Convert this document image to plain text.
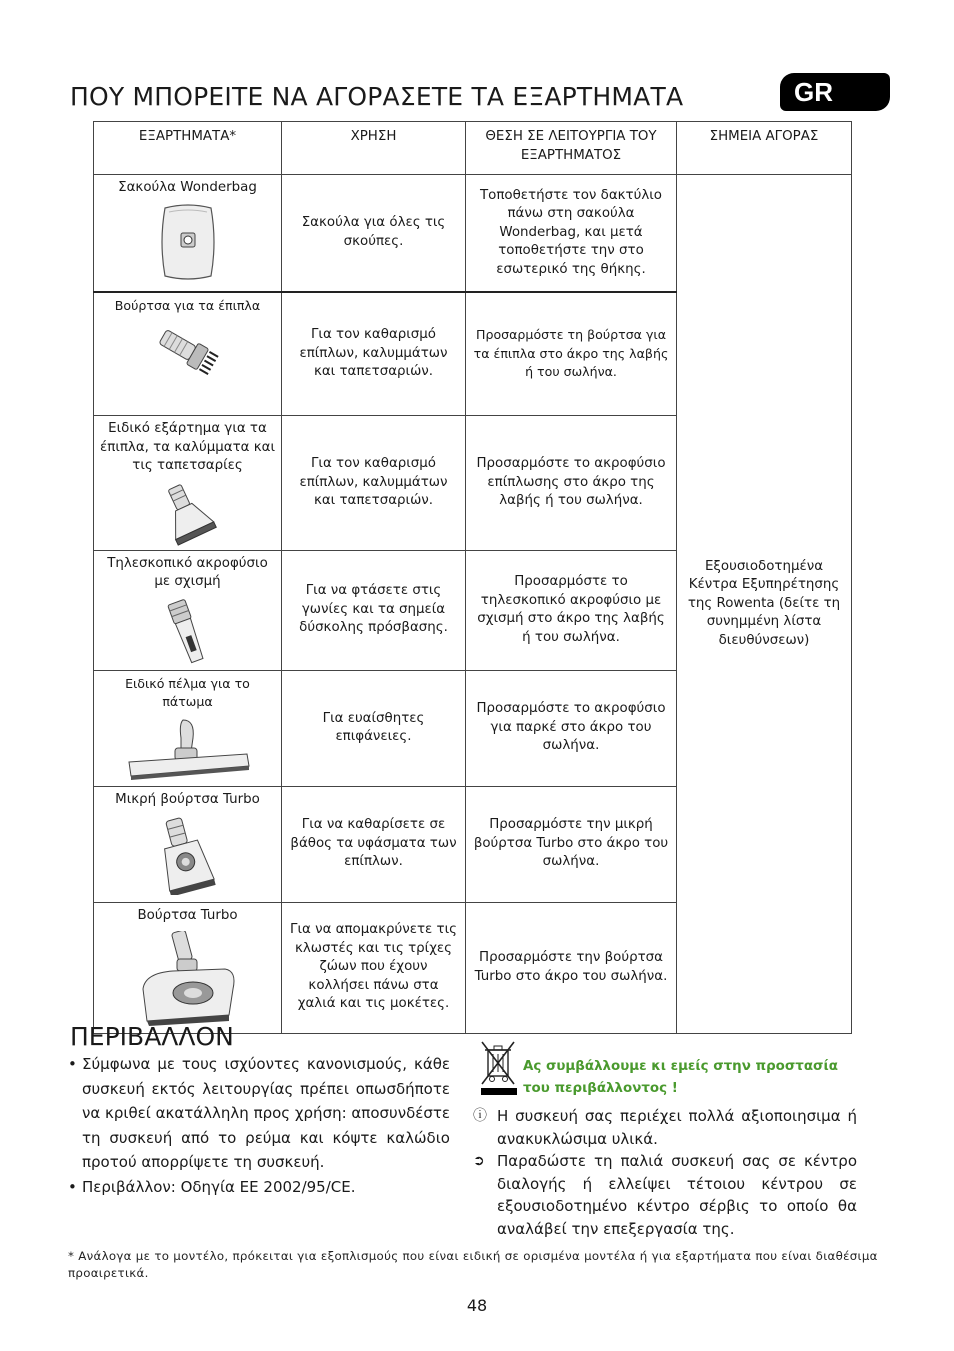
ΠΟΥ ΜΠΟΡΕΙΤΕ ΝΑ ΑΓΟΡΑΣΕΤΕ ΤΑ ΕΞΑΡΤΗΜΑΤΑ	GR
ΕΞΑΡΤΗΜΑΤΑ*	ΧΡΗΣΗ	ΘΕΣΗ ΣΕ ΛΕΙΤΟΥΡΓΙΑ ΤΟΥ ΕΞΑΡΤΗΜΑΤΟΣ	ΣΗΜΕΙΑ ΑΓΟΡΑΣ

Σακούλα Wonderbag	Σακούλα για όλες τις σκούπες.	Τοποθετήστε τον δακτύλιο πάνω στη σακούλα Wonderbag, και μετά τοποθετήστε την στο εσωτερικό της θήκης.	Εξουσιοδοτημένα Κέντρα Εξυπηρέτησης της Rowenta (δείτε τη συνημμένη λίστα διευθύνσεων)

Βούρτσα για τα έπιπλα	Για τον καθαρισμό επίπλων, καλυμμάτων και ταπετσαριών.	Προσαρμόστε τη βούρτσα για τα έπιπλα στο άκρο της λαβής ή του σωλήνα.	

Ειδικό εξάρτημα για τα έπιπλα, τα καλύμματα και τις ταπετσαρίες	Για τον καθαρισμό επίπλων, καλυμμάτων και ταπετσαριών.	Προσαρμόστε το ακροφύσιο επίπλωσης στο άκρο της λαβής ή του σωλήνα.	

Τηλεσκοπικό ακροφύσιο με σχισμή	Για να φτάσετε στις γωνίες και τα σημεία δύσκολης πρόσβασης.	Προσαρμόστε το τηλεσκοπικό ακροφύσιο με σχισμή στο άκρο της λαβής ή του σωλήνα.	

Ειδικό πέλμα για το πάτωμα	Για ευαίσθητες επιφάνειες.	Προσαρμόστε το ακροφύσιο για παρκέ στο άκρο του σωλήνα.	

Μικρή βούρτσα Turbo	Για να καθαρίσετε σε βάθος τα υφάσματα των επίπλων.	Προσαρμόστε την μικρή βούρτσα Turbo στο άκρο του σωλήνα.	

Βούρτσα Turbo	Για να απομακρύνετε τις κλωστές και τις τρίχες ζώων που έχουν κολλήσει πάνω στα χαλιά και τις μοκέτες.	Προσαρμόστε την βούρτσα Turbo στο άκρο του σωλήνα.	
ΠΕΡΙΒΑΛΛΟΝ
• Σύμφωνα με τους ισχύοντες κανονισμούς, κάθε συσκευή εκτός λειτουργίας πρέπει οπωσδήποτε να κριθεί ακατάλληλη προς χρήση: αποσυνδέστε τη συσκευή από το ρεύμα και κόψτε καλώδιο προτού απορρίψετε τη συσκευή.
• Περιβάλλον: Οδηγία ΕΕ 2002/95/CE.
Ας συμβάλλουμε κι εμείς στην προστασία του περιβάλλοντος !
ⓘ Η συσκευή σας περιέχει πολλά αξιοποιησιμα ή ανακυκλώσιμα υλικά.
➲ Παραδώστε τη παλιά συσκευή σας σε κέντρο διαλογής ή ελλείψει τέτοιου κέντρου σε εξουσιοδοτημένο κέντρο σέρβις το οποίο θα αναλάβεί την επεξεργασία της.
* Ανάλογα με το μοντέλο, πρόκειται για εξοπλισμούς που είναι ειδική σε ορισμένα μοντέλα ή για εξαρτήματα που είναι διαθέσιμα προαιρετικά.
48
